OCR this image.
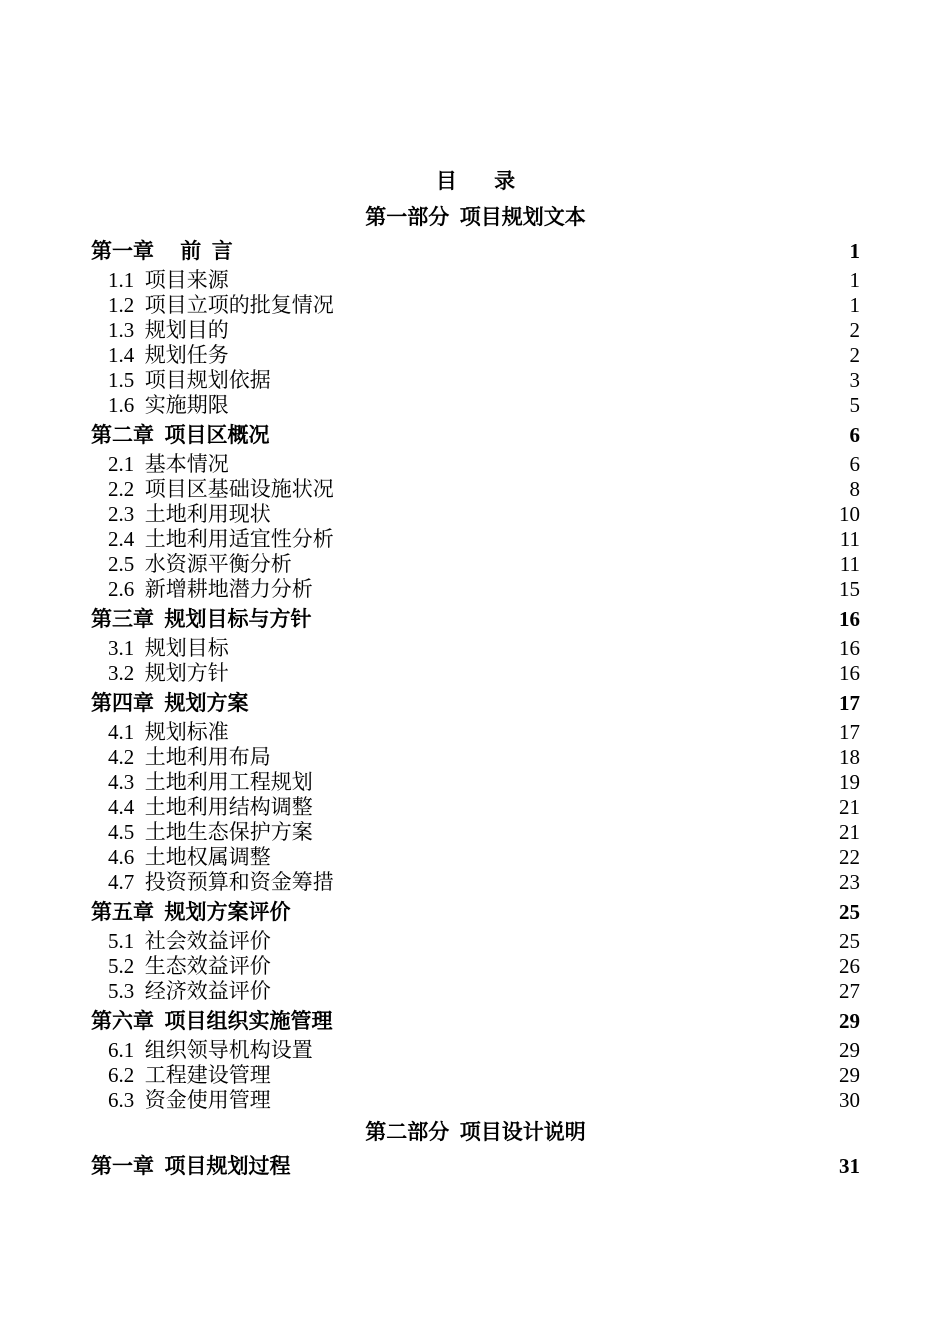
目 录
第一部分  项目规划文本
第一章     前  言	1
1.1  项目来源	1
1.2  项目立项的批复情况	1
1.3  规划目的	2
1.4  规划任务	2
1.5  项目规划依据	3
1.6  实施期限	5
第二章  项目区概况	6
2.1  基本情况	6
2.2  项目区基础设施状况	8
2.3  土地利用现状	10
2.4  土地利用适宜性分析	11
2.5  水资源平衡分析	11
2.6  新增耕地潜力分析	15
第三章  规划目标与方针	16
3.1  规划目标	16
3.2  规划方针	16
第四章  规划方案	17
4.1  规划标准	17
4.2  土地利用布局	18
4.3  土地利用工程规划	19
4.4  土地利用结构调整	21
4.5  土地生态保护方案	21
4.6  土地权属调整	22
4.7  投资预算和资金筹措	23
第五章  规划方案评价	25
5.1  社会效益评价	25
5.2  生态效益评价	26
5.3  经济效益评价	27
第六章  项目组织实施管理	29
6.1  组织领导机构设置	29
6.2  工程建设管理	29
6.3  资金使用管理	30
第二部分  项目设计说明
第一章  项目规划过程	31
